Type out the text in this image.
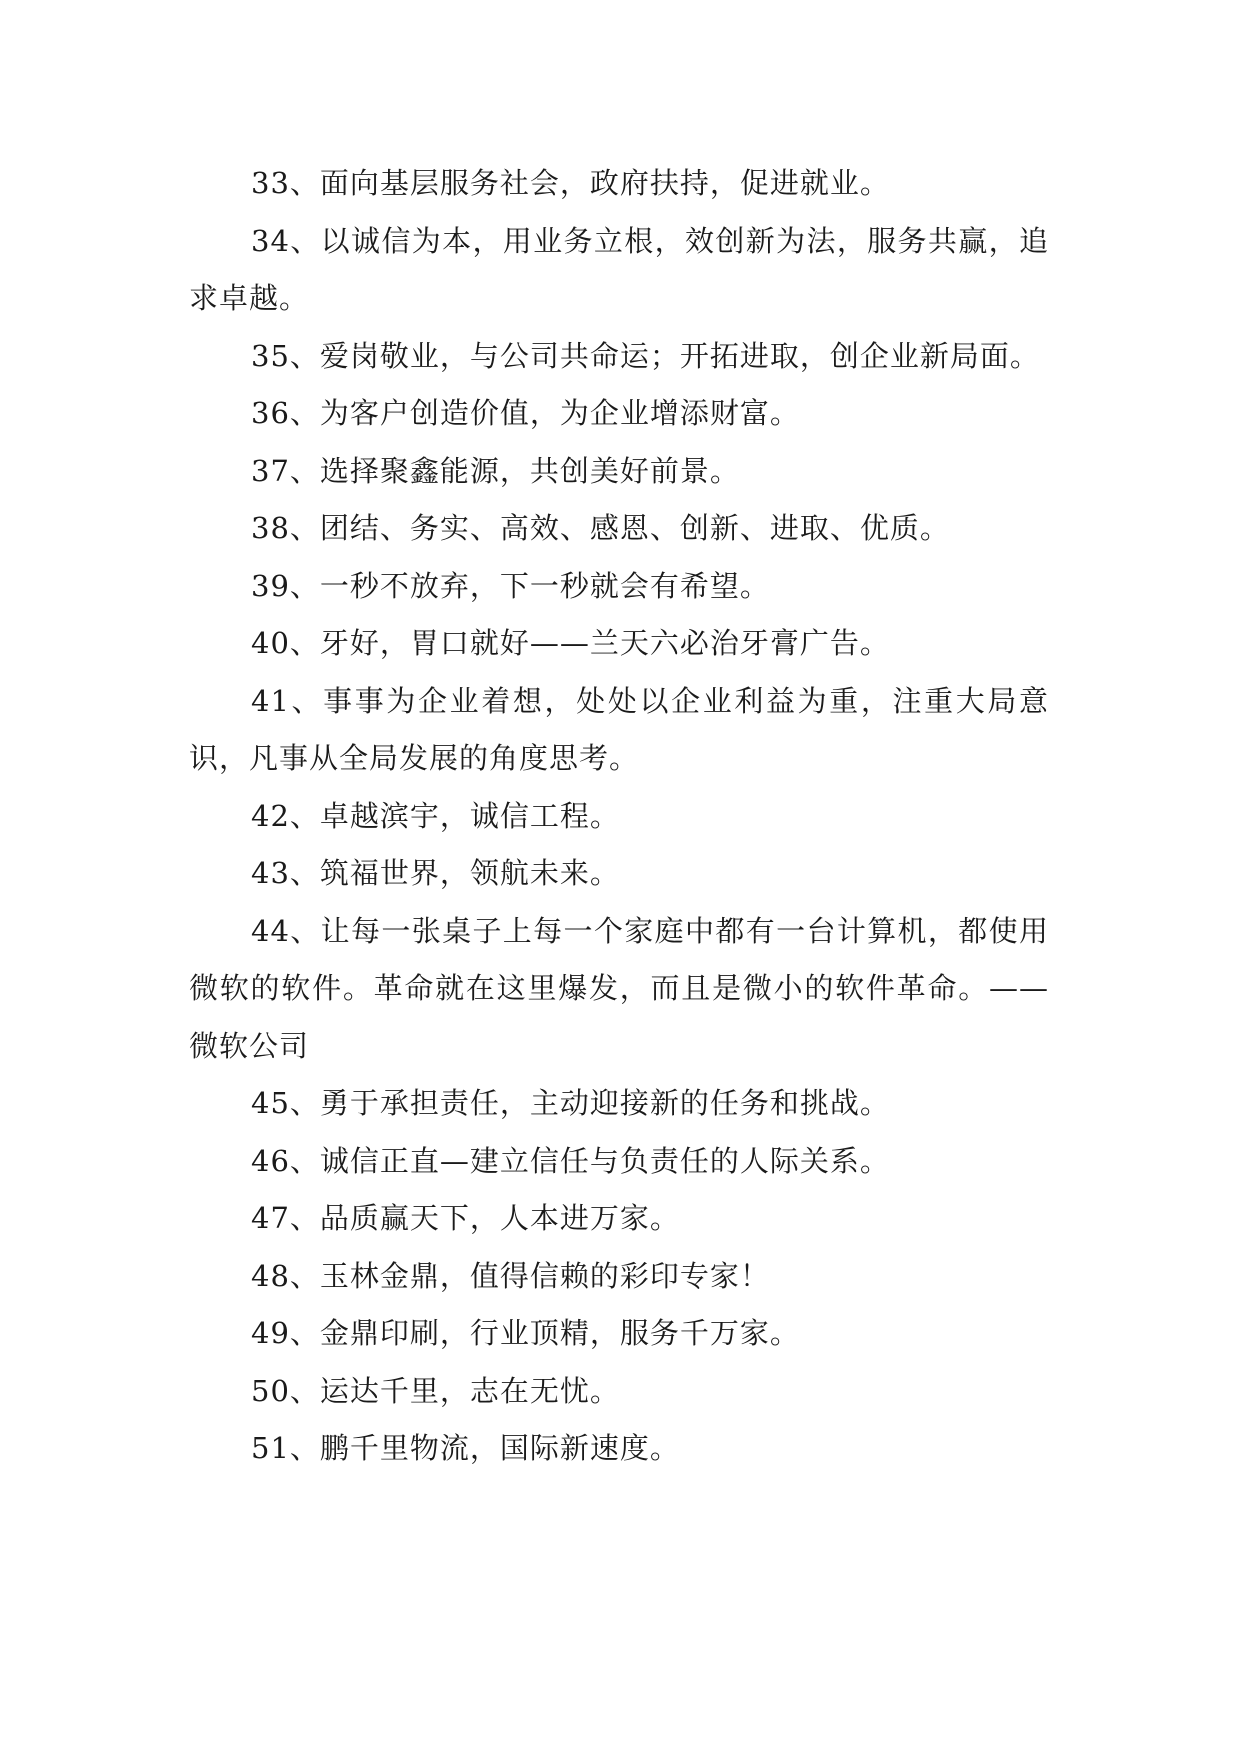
33、面向基层服务社会，政府扶持，促进就业。

34、以诚信为本，用业务立根，效创新为法，服务共赢，追求卓越。

35、爱岗敬业，与公司共命运；开拓进取，创企业新局面。

36、为客户创造价值，为企业增添财富。

37、选择聚鑫能源，共创美好前景。

38、团结、务实、高效、感恩、创新、进取、优质。

39、一秒不放弃，下一秒就会有希望。

40、牙好，胃口就好——兰天六必治牙膏广告。

41、事事为企业着想，处处以企业利益为重，注重大局意识，凡事从全局发展的角度思考。

42、卓越滨宇，诚信工程。

43、筑福世界，领航未来。

44、让每一张桌子上每一个家庭中都有一台计算机，都使用微软的软件。革命就在这里爆发，而且是微小的软件革命。——微软公司

45、勇于承担责任，主动迎接新的任务和挑战。

46、诚信正直—建立信任与负责任的人际关系。

47、品质赢天下，人本进万家。

48、玉林金鼎，值得信赖的彩印专家！

49、金鼎印刷，行业顶精，服务千万家。

50、运达千里，志在无忧。

51、鹏千里物流，国际新速度。
